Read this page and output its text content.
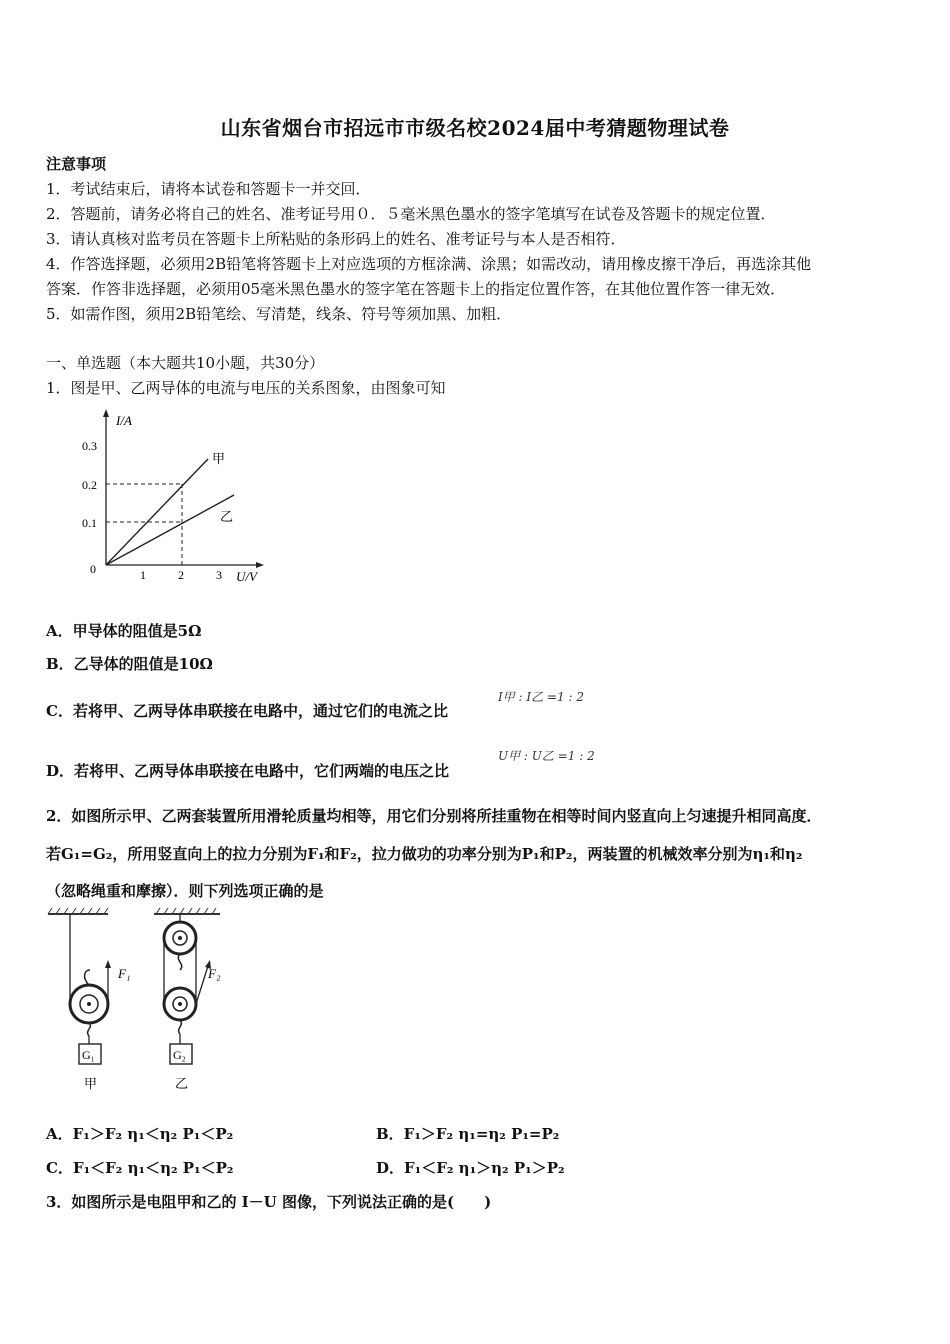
山东省烟台市招远市市级名校2024届中考猜题物理试卷
注意事项
1．考试结束后，请将本试卷和答题卡一并交回．
2．答题前，请务必将自己的姓名、准考证号用０．５毫米黑色墨水的签字笔填写在试卷及答题卡的规定位置．
3．请认真核对监考员在答题卡上所粘贴的条形码上的姓名、准考证号与本人是否相符．
4．作答选择题，必须用2B铅笔将答题卡上对应选项的方框涂满、涂黑；如需改动，请用橡皮擦干净后，再选涂其他
答案．作答非选择题，必须用05毫米黑色墨水的签字笔在答题卡上的指定位置作答，在其他位置作答一律无效．
5．如需作图，须用2B铅笔绘、写清楚，线条、符号等须加黑、加粗．
一、单选题（本大题共10小题，共30分）
1．图是甲、乙两导体的电流与电压的关系图象，由图象可知
I/A
U/V
0
0.3
0.2
0.1
1	2	3
甲
乙
A．甲导体的阻值是5Ω
B．乙导体的阻值是10Ω
C．若将甲、乙两导体串联接在电路中，通过它们的电流之比
I甲 : I乙 =1 : 2
D．若将甲、乙两导体串联接在电路中，它们两端的电压之比
U甲 : U乙 =1 : 2
2．如图所示甲、乙两套装置所用滑轮质量均相等，用它们分别将所挂重物在相等时间内竖直向上匀速提升相同高度．
若G₁=G₂，所用竖直向上的拉力分别为F₁和F₂，拉力做功的功率分别为P₁和P₂，两装置的机械效率分别为η₁和η₂
（忽略绳重和摩擦）．则下列选项正确的是
G₁
F₁
甲
G₂
F₂
乙
A．F₁＞F₂ η₁＜η₂ P₁＜P₂	B．F₁＞F₂ η₁=η₂ P₁=P₂
C．F₁＜F₂ η₁＜η₂ P₁＜P₂	D．F₁＜F₂ η₁＞η₂ P₁＞P₂
3．如图所示是电阻甲和乙的 I－U 图像，下列说法正确的是(　　)
